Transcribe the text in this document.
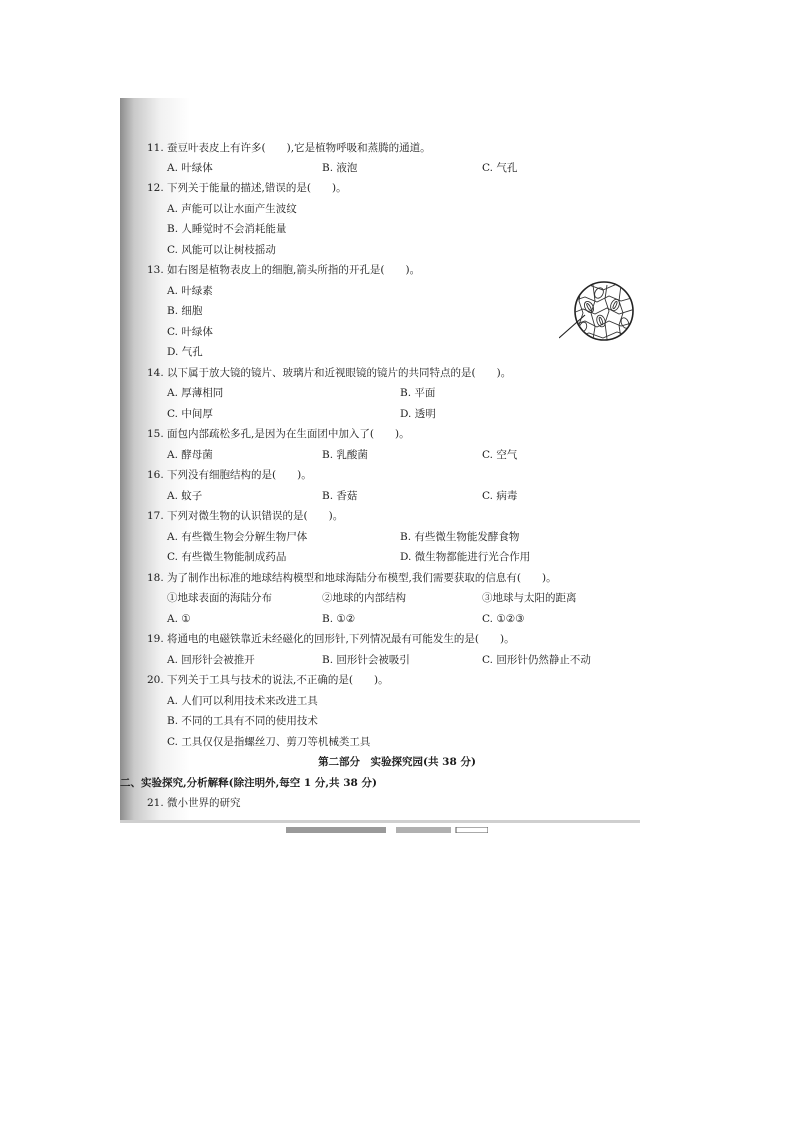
11. 蚕豆叶表皮上有许多(　　),它是植物呼吸和蒸腾的通道。
A. 叶绿体	B. 液泡	C. 气孔
12. 下列关于能量的描述,错误的是(　　)。
A. 声能可以让水面产生波纹
B. 人睡觉时不会消耗能量
C. 风能可以让树枝摇动
13. 如右图是植物表皮上的细胞,箭头所指的开孔是(　　)。
A. 叶绿素
B. 细胞
C. 叶绿体
D. 气孔
14. 以下属于放大镜的镜片、玻璃片和近视眼镜的镜片的共同特点的是(　　)。
A. 厚薄相同	B. 平面
C. 中间厚	D. 透明
15. 面包内部疏松多孔,是因为在生面团中加入了(　　)。
A. 酵母菌	B. 乳酸菌	C. 空气
16. 下列没有细胞结构的是(　　)。
A. 蚊子	B. 香菇	C. 病毒
17. 下列对微生物的认识错误的是(　　)。
A. 有些微生物会分解生物尸体	B. 有些微生物能发酵食物
C. 有些微生物能制成药品	D. 微生物都能进行光合作用
18. 为了制作出标准的地球结构模型和地球海陆分布模型,我们需要获取的信息有(　　)。
①地球表面的海陆分布	②地球的内部结构	③地球与太阳的距离
A. ①	B. ①②	C. ①②③
19. 将通电的电磁铁靠近未经磁化的回形针,下列情况最有可能发生的是(　　)。
A. 回形针会被推开	B. 回形针会被吸引	C. 回形针仍然静止不动
20. 下列关于工具与技术的说法,不正确的是(　　)。
A. 人们可以利用技术来改进工具
B. 不同的工具有不同的使用技术
C. 工具仅仅是指螺丝刀、剪刀等机械类工具
第二部分　实验探究园(共 38 分)
二、实验探究,分析解释(除注明外,每空 1 分,共 38 分)
21. 微小世界的研究
